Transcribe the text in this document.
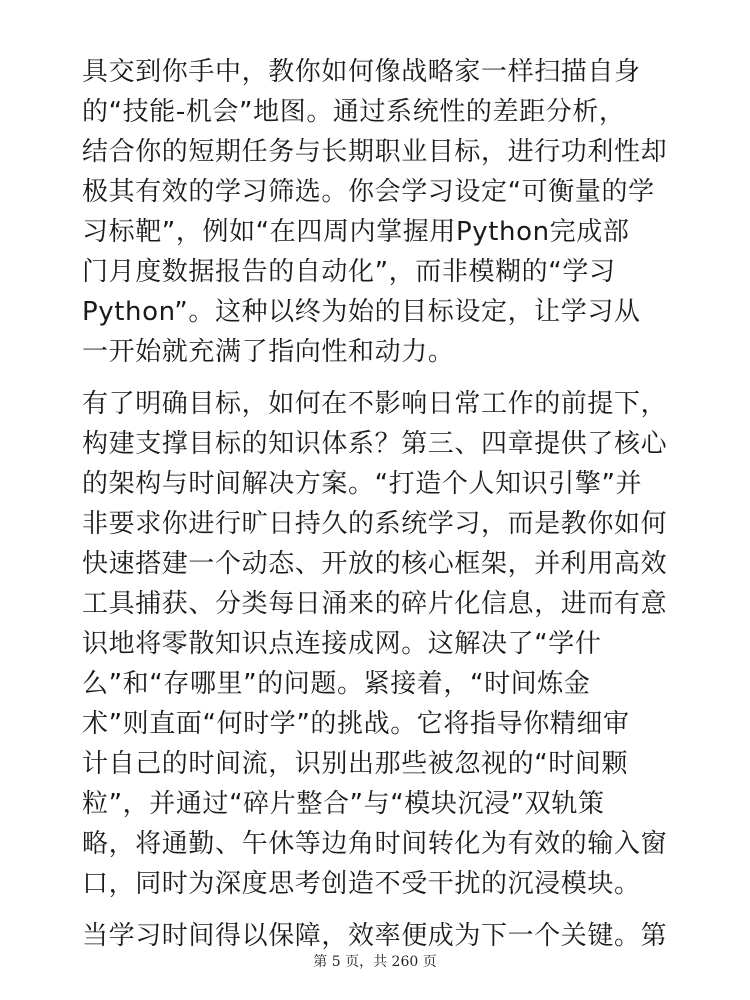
具交到你手中，教你如何像战略家一样扫描自身
的“技能-机会”地图。通过系统性的差距分析，
结合你的短期任务与长期职业目标，进行功利性却
极其有效的学习筛选。你会学习设定“可衡量的学
习标靶”，例如“在四周内掌握用Python完成部
门月度数据报告的自动化”，而非模糊的“学习
Python”。这种以终为始的目标设定，让学习从
一开始就充满了指向性和动力。

有了明确目标，如何在不影响日常工作的前提下，
构建支撑目标的知识体系？第三、四章提供了核心
的架构与时间解决方案。“打造个人知识引擎”并
非要求你进行旷日持久的系统学习，而是教你如何
快速搭建一个动态、开放的核心框架，并利用高效
工具捕获、分类每日涌来的碎片化信息，进而有意
识地将零散知识点连接成网。这解决了“学什
么”和“存哪里”的问题。紧接着，“时间炼金
术”则直面“何时学”的挑战。它将指导你精细审
计自己的时间流，识别出那些被忽视的“时间颗
粒”，并通过“碎片整合”与“模块沉浸”双轨策
略，将通勤、午休等边角时间转化为有效的输入窗
口，同时为深度思考创造不受干扰的沉浸模块。

当学习时间得以保障，效率便成为下一个关键。第

第 5 页，共 260 页
